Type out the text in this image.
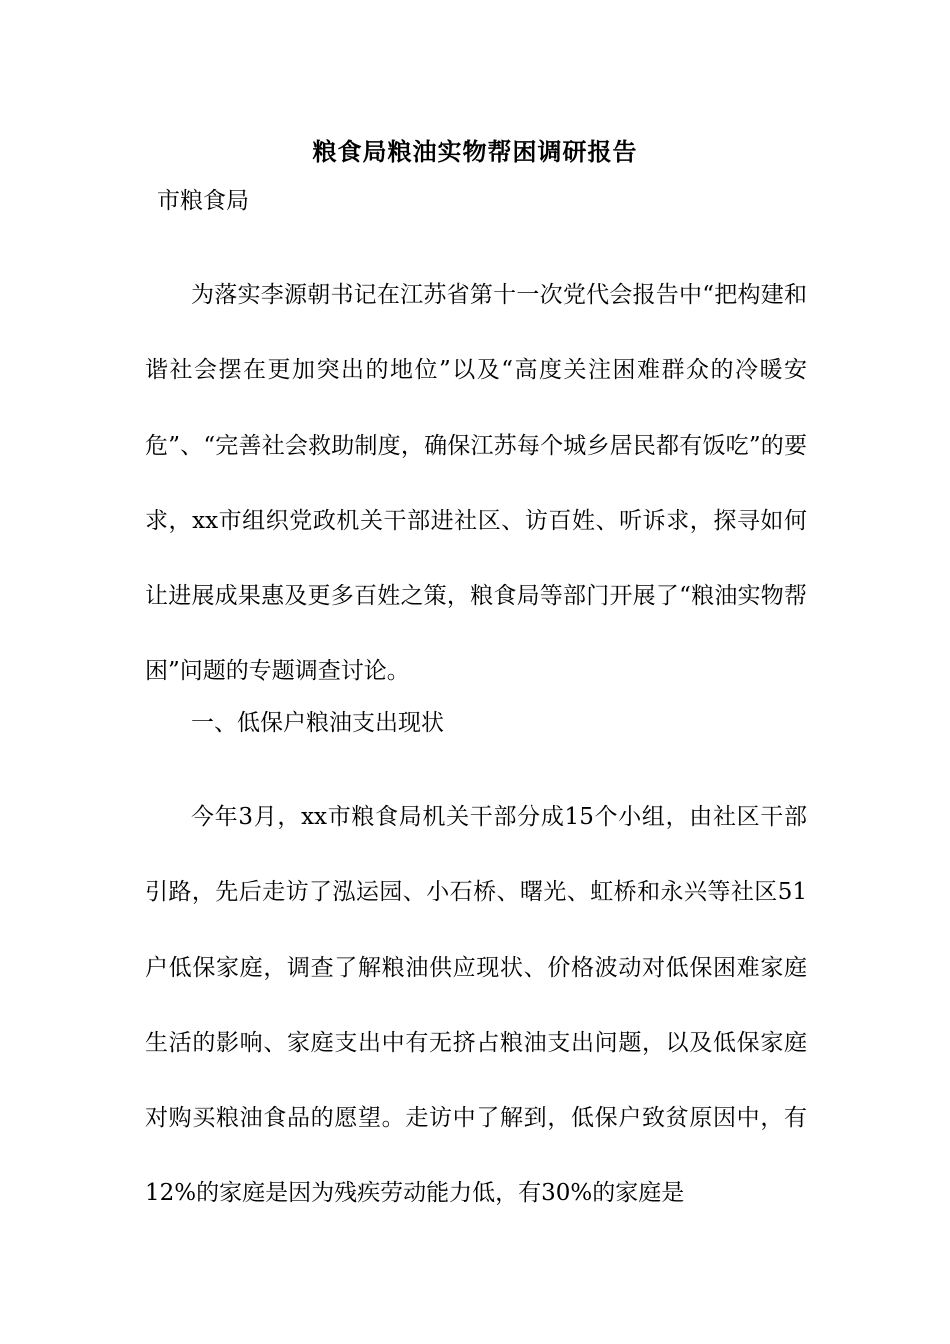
粮食局粮油实物帮困调研报告
市粮食局

为落实李源朝书记在江苏省第十一次党代会报告中“把构建和谐社会摆在更加突出的地位”以及“高度关注困难群众的冷暖安危”、“完善社会救助制度，确保江苏每个城乡居民都有饭吃”的要求，xx市组织党政机关干部进社区、访百姓、听诉求，探寻如何让进展成果惠及更多百姓之策，粮食局等部门开展了“粮油实物帮困”问题的专题调查讨论。

一、低保户粮油支出现状

今年3月，xx市粮食局机关干部分成15个小组，由社区干部引路，先后走访了泓运园、小石桥、曙光、虹桥和永兴等社区51户低保家庭，调查了解粮油供应现状、价格波动对低保困难家庭生活的影响、家庭支出中有无挤占粮油支出问题，以及低保家庭对购买粮油食品的愿望。走访中了解到，低保户致贫原因中，有12%的家庭是因为残疾劳动能力低，有30%的家庭是
